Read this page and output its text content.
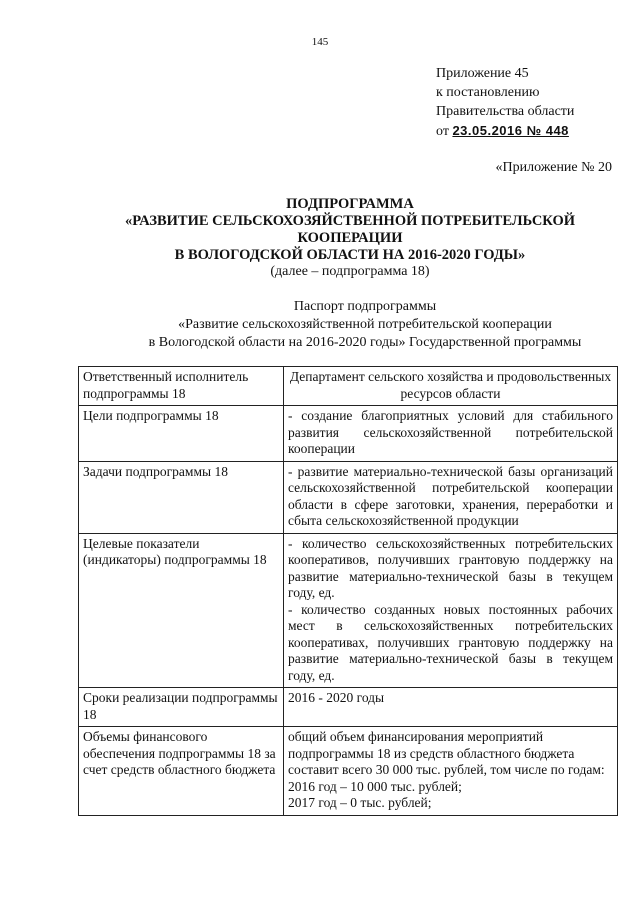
145
Приложение 45
к постановлению
Правительства области
от 23.05.2016 № 448
«Приложение № 20
ПОДПРОГРАММА
«РАЗВИТИЕ СЕЛЬСКОХОЗЯЙСТВЕННОЙ ПОТРЕБИТЕЛЬСКОЙ
КООПЕРАЦИИ
В ВОЛОГОДСКОЙ ОБЛАСТИ НА 2016-2020 ГОДЫ»
(далее – подпрограмма 18)
Паспорт подпрограммы
«Развитие сельскохозяйственной потребительской кооперации
в Вологодской области на 2016-2020 годы» Государственной программы
Ответственный исполнитель подпрограммы 18	Департамент сельского хозяйства и продовольственных ресурсов области
Цели подпрограммы 18	- создание благоприятных условий для стабильного развития сельскохозяйственной потребительской кооперации
Задачи подпрограммы 18	- развитие материально-технической базы организаций сельскохозяйственной потребительской кооперации области в сфере заготовки, хранения, переработки и сбыта сельскохозяйственной продукции
Целевые показатели (индикаторы) подпрограммы 18	- количество сельскохозяйственных потребительских кооперативов, получивших грантовую поддержку на развитие материально-технической базы в текущем году, ед.
- количество созданных новых постоянных рабочих мест в сельскохозяйственных потребительских кооперативах, получивших грантовую поддержку на развитие материально-технической базы в текущем году, ед.

Сроки реализации подпрограммы 18	2016 - 2020 годы
Объемы финансового обеспечения подпрограммы 18 за счет средств областного бюджета	общий объем финансирования мероприятий подпрограммы 18 из средств областного бюджета составит всего 30 000 тыс. рублей, том числе по годам:
2016 год – 10 000 тыс. рублей;
2017 год – 0 тыс. рублей;
